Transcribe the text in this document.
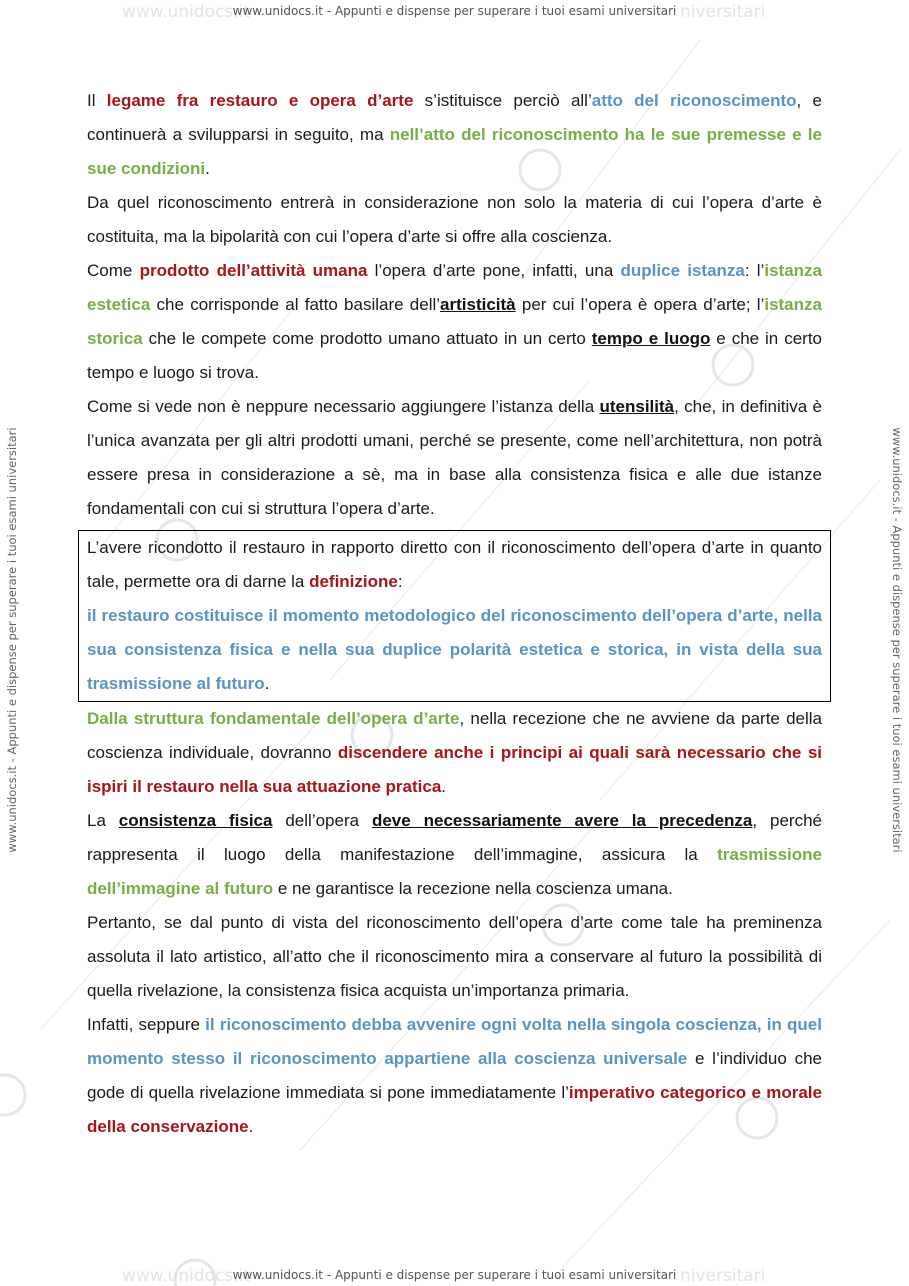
www.unidocs.it	niversitari
www.unidocs.it - Appunti e dispense per superare i tuoi esami universitari
www.unidocs.it	niversitari
www.unidocs.it - Appunti e dispense per superare i tuoi esami universitari
www.unidocs.it - Appunti e dispense per superare i tuoi esami universitari	www.unidocs.it - Appunti e dispense per superare i tuoi esami universitari

Il legame fra restauro e opera d’arte s’istituisce perciò all’atto del riconoscimento, e continuerà a svilupparsi in seguito, ma nell’atto del riconoscimento ha le sue premesse e le sue condizioni.

Da quel riconoscimento entrerà in considerazione non solo la materia di cui l’opera d’arte è costituita, ma la bipolarità con cui l’opera d’arte si offre alla coscienza.

Come prodotto dell’attività umana l’opera d’arte pone, infatti, una duplice istanza: l’istanza estetica che corrisponde al fatto basilare dell’artisticità per cui l’opera è opera d’arte; l’istanza storica che le compete come prodotto umano attuato in un certo tempo e luogo e che in certo tempo e luogo si trova.

Come si vede non è neppure necessario aggiungere l’istanza della utensilità, che, in definitiva è l’unica avanzata per gli altri prodotti umani, perché se presente, come nell’architettura, non potrà essere presa in considerazione a sè, ma in base alla consistenza fisica e alle due istanze fondamentali con cui si struttura l’opera d’arte.

L’avere ricondotto il restauro in rapporto diretto con il riconoscimento dell’opera d’arte in quanto tale, permette ora di darne la definizione:
il restauro costituisce il momento metodologico del riconoscimento dell’opera d’arte, nella sua consistenza fisica e nella sua duplice polarità estetica e storica, in vista della sua trasmissione al futuro.

Dalla struttura fondamentale dell’opera d’arte, nella recezione che ne avviene da parte della coscienza individuale, dovranno discendere anche i principi ai quali sarà necessario che si ispiri il restauro nella sua attuazione pratica.

La consistenza fisica dell’opera deve necessariamente avere la precedenza, perché rappresenta il luogo della manifestazione dell’immagine, assicura la trasmissione dell’immagine al futuro e ne garantisce la recezione nella coscienza umana.

Pertanto, se dal punto di vista del riconoscimento dell’opera d’arte come tale ha preminenza assoluta il lato artistico, all’atto che il riconoscimento mira a conservare al futuro la possibilità di quella rivelazione, la consistenza fisica acquista un’importanza primaria.

Infatti, seppure il riconoscimento debba avvenire ogni volta nella singola coscienza, in quel momento stesso il riconoscimento appartiene alla coscienza universale e l’individuo che gode di quella rivelazione immediata si pone immediatamente l’imperativo categorico e morale della conservazione.
